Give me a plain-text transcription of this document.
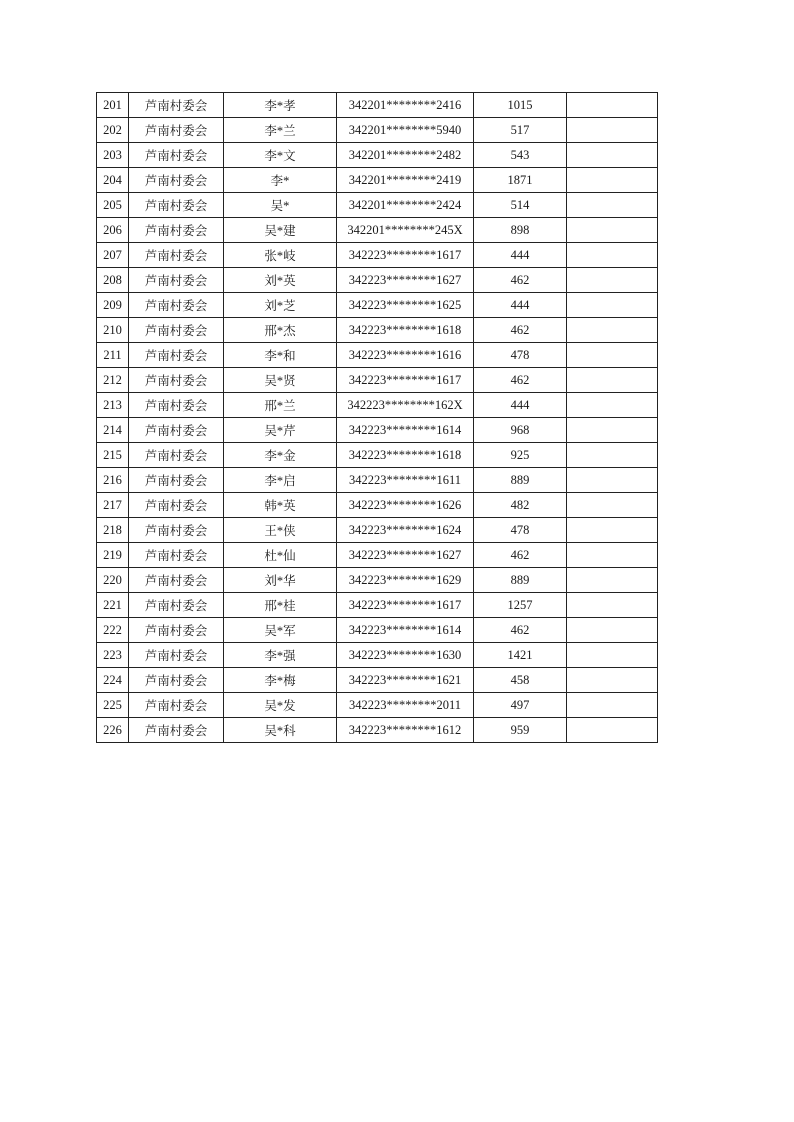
201	芦南村委会	李*孝	342201********2416	1015	
202	芦南村委会	李*兰	342201********5940	517	
203	芦南村委会	李*文	342201********2482	543	
204	芦南村委会	李*	342201********2419	1871	
205	芦南村委会	吴*	342201********2424	514	
206	芦南村委会	吴*建	342201********245X	898	
207	芦南村委会	张*岐	342223********1617	444	
208	芦南村委会	刘*英	342223********1627	462	
209	芦南村委会	刘*芝	342223********1625	444	
210	芦南村委会	邢*杰	342223********1618	462	
211	芦南村委会	李*和	342223********1616	478	
212	芦南村委会	吴*贤	342223********1617	462	
213	芦南村委会	邢*兰	342223********162X	444	
214	芦南村委会	吴*芹	342223********1614	968	
215	芦南村委会	李*金	342223********1618	925	
216	芦南村委会	李*启	342223********1611	889	
217	芦南村委会	韩*英	342223********1626	482	
218	芦南村委会	王*侠	342223********1624	478	
219	芦南村委会	杜*仙	342223********1627	462	
220	芦南村委会	刘*华	342223********1629	889	
221	芦南村委会	邢*桂	342223********1617	1257	
222	芦南村委会	吴*军	342223********1614	462	
223	芦南村委会	李*强	342223********1630	1421	
224	芦南村委会	李*梅	342223********1621	458	
225	芦南村委会	吴*发	342223********2011	497	
226	芦南村委会	吴*科	342223********1612	959	
